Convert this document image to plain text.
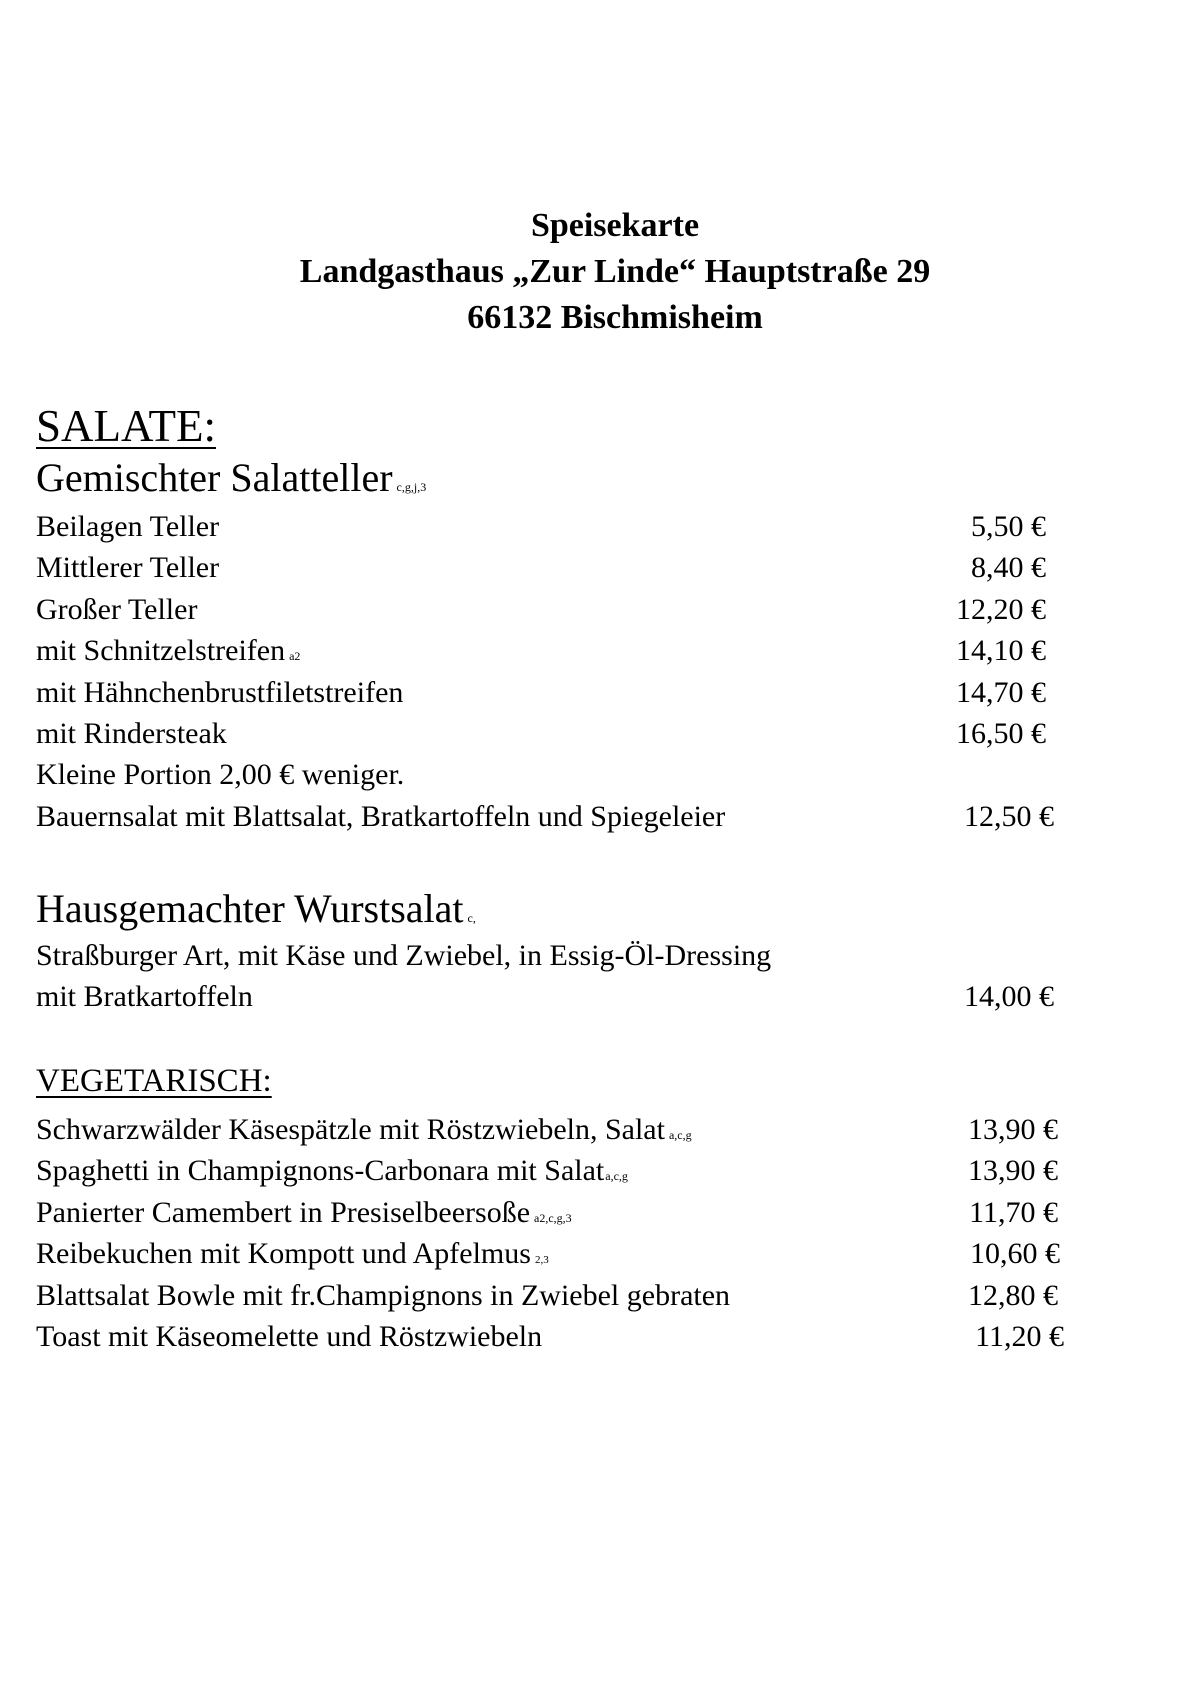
Speisekarte
Landgasthaus „Zur Linde“ Hauptstraße 29
66132 Bischmisheim
SALATE:
Gemischter Salatteller c,g,j,3
Beilagen Teller	5,50 €
Mittlerer Teller	8,40 €
Großer Teller	12,20 €
mit Schnitzelstreifen a2	14,10 €
mit Hähnchenbrustfiletstreifen	14,70 €
mit Rindersteak	16,50 €
Kleine Portion 2,00 € weniger.
Bauernsalat mit Blattsalat, Bratkartoffeln und Spiegeleier	12,50 €
Hausgemachter Wurstsalat c,
Straßburger Art, mit Käse und Zwiebel, in Essig-Öl-Dressing
mit Bratkartoffeln	14,00 €
VEGETARISCH:
Schwarzwälder Käsespätzle mit Röstzwiebeln, Salat a,c,g	13,90 €
Spaghetti in Champignons-Carbonara mit Salata,c,g	13,90 €
Panierter Camembert in Presiselbeersoße a2,c,g,3	11,70 €
Reibekuchen mit Kompott und Apfelmus 2,3	10,60 €
Blattsalat Bowle mit fr.Champignons in Zwiebel gebraten	12,80 €
Toast mit Käseomelette und Röstzwiebeln	11,20 €
